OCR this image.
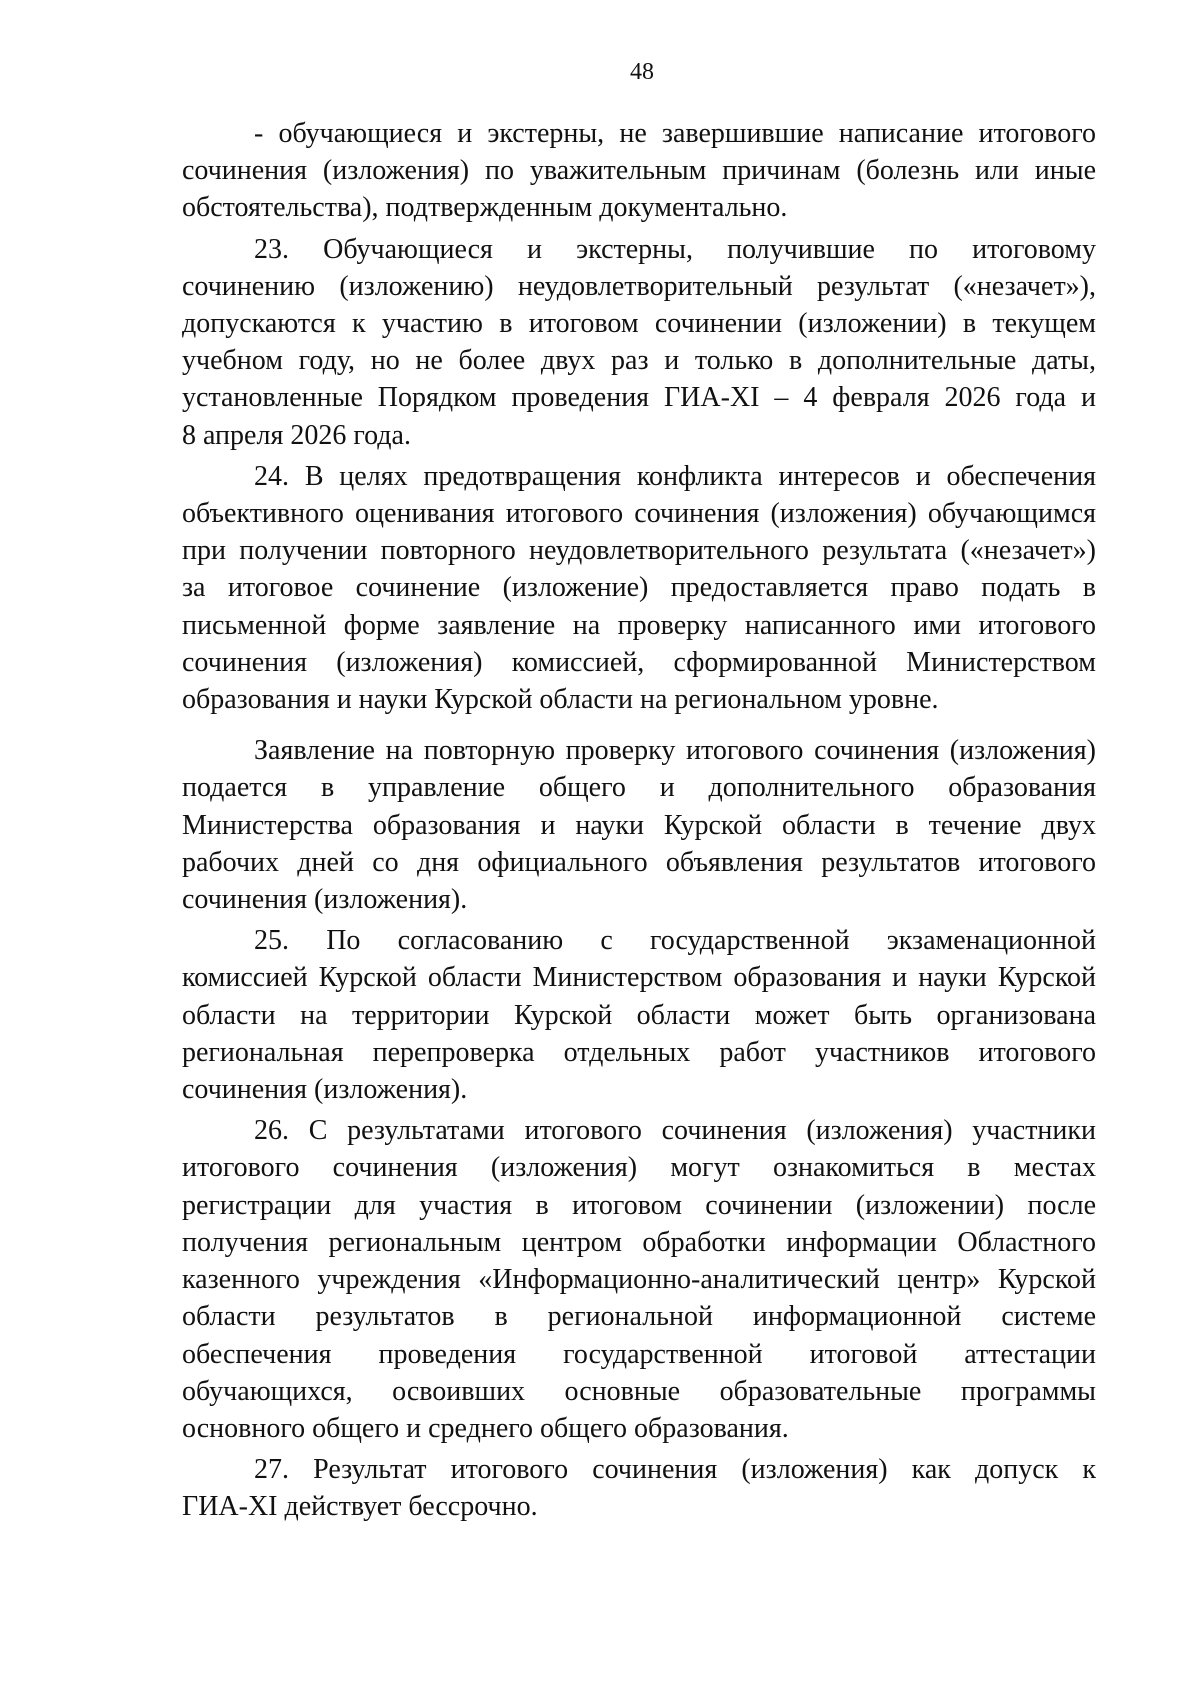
48

- обучающиеся и экстерны, не завершившие написание итогового
сочинения (изложения) по уважительным причинам (болезнь или иные
обстоятельства), подтвержденным документально.

23. Обучающиеся и экстерны, получившие по итоговому
сочинению (изложению) неудовлетворительный результат («незачет»),
допускаются к участию в итоговом сочинении (изложении) в текущем
учебном году, но не более двух раз и только в дополнительные даты,
установленные Порядком проведения ГИА-XI – 4 февраля 2026 года и
8 апреля 2026 года.

24. В целях предотвращения конфликта интересов и обеспечения
объективного оценивания итогового сочинения (изложения) обучающимся
при получении повторного неудовлетворительного результата («незачет»)
за итоговое сочинение (изложение) предоставляется право подать в
письменной форме заявление на проверку написанного ими итогового
сочинения (изложения) комиссией, сформированной Министерством
образования и науки Курской области на региональном уровне.

Заявление на повторную проверку итогового сочинения (изложения)
подается в управление общего и дополнительного образования
Министерства образования и науки Курской области в течение двух
рабочих дней со дня официального объявления результатов итогового
сочинения (изложения).

25. По согласованию с государственной экзаменационной
комиссией Курской области Министерством образования и науки Курской
области на территории Курской области может быть организована
региональная перепроверка отдельных работ участников итогового
сочинения (изложения).

26. С результатами итогового сочинения (изложения) участники
итогового сочинения (изложения) могут ознакомиться в местах
регистрации для участия в итоговом сочинении (изложении) после
получения региональным центром обработки информации Областного
казенного учреждения «Информационно-аналитический центр» Курской
области результатов в региональной информационной системе
обеспечения проведения государственной итоговой аттестации
обучающихся, освоивших основные образовательные программы
основного общего и среднего общего образования.

27. Результат итогового сочинения (изложения) как допуск к
ГИА-XI действует бессрочно.
